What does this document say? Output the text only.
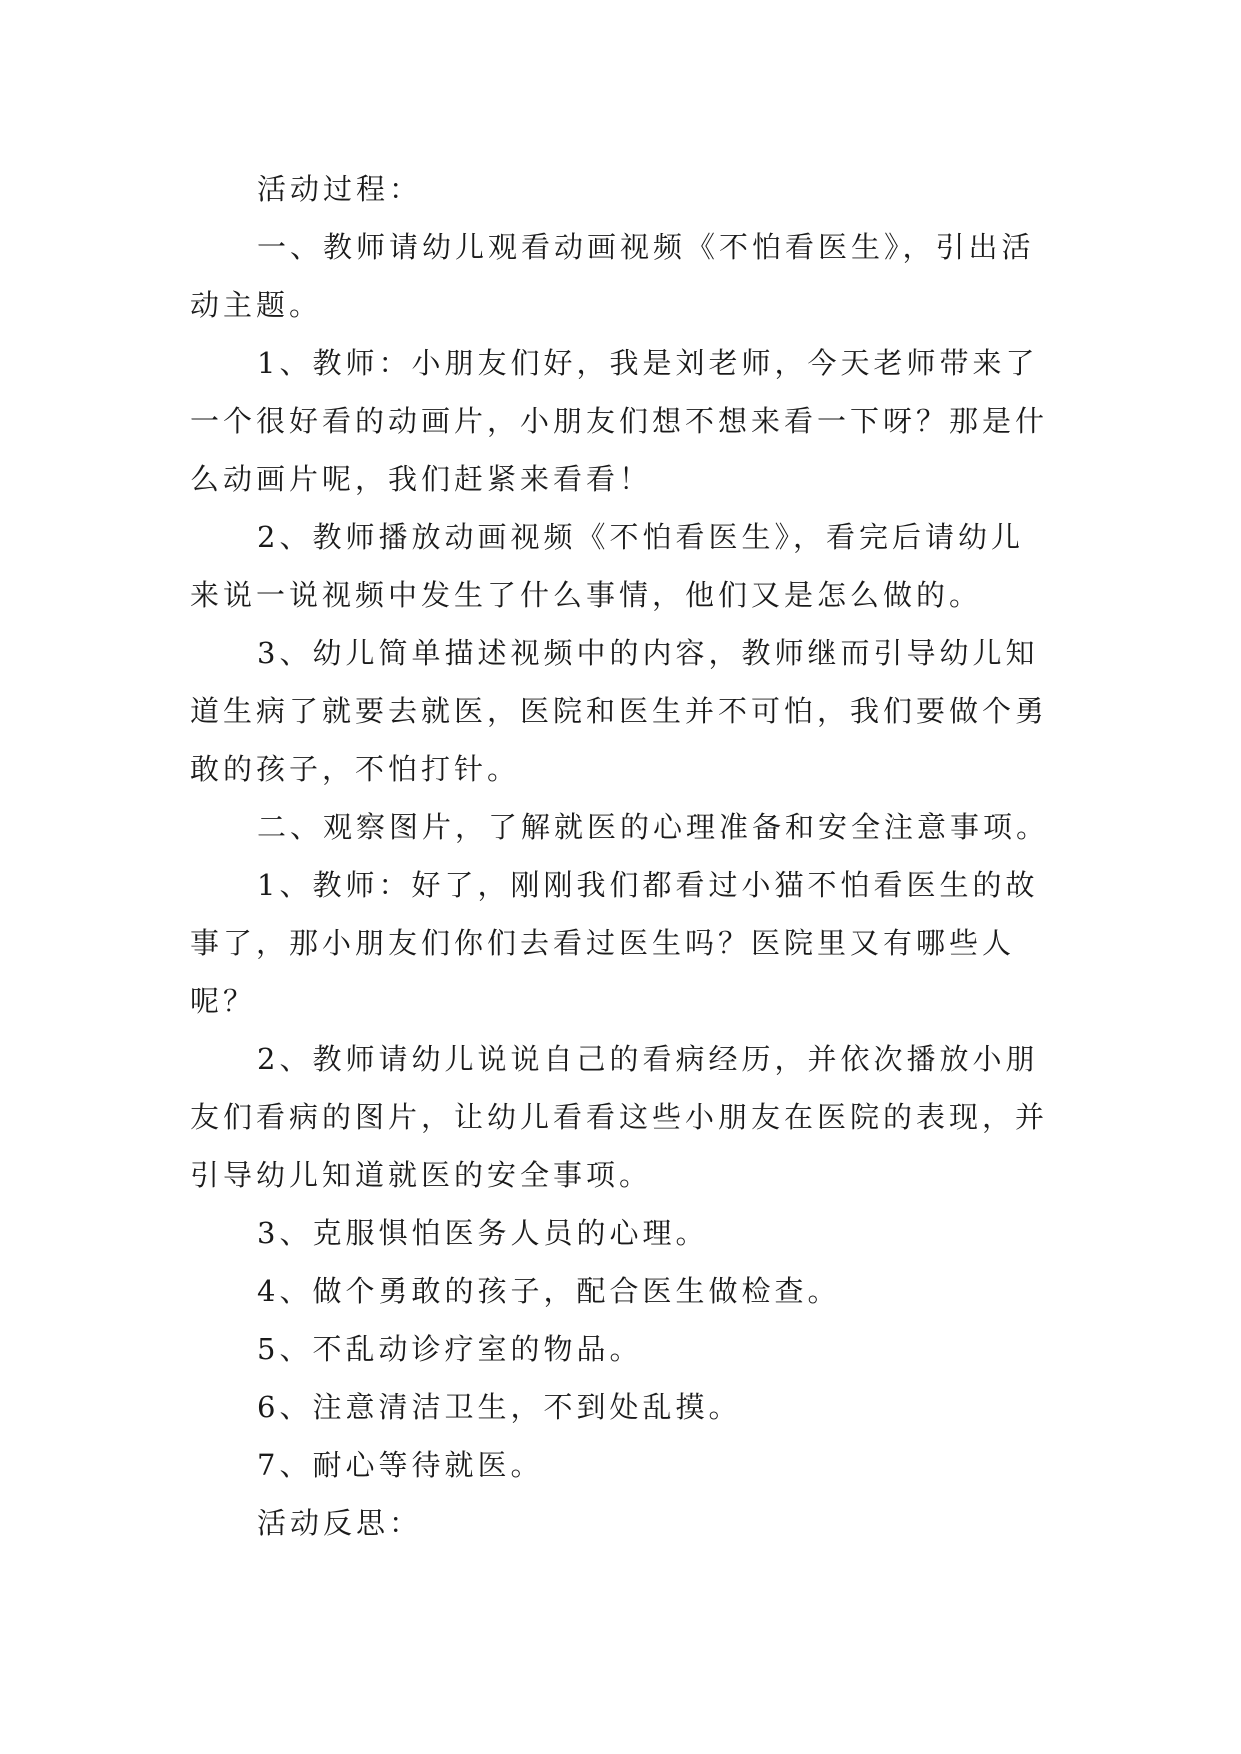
活动过程：

一、教师请幼儿观看动画视频《不怕看医生》，引出活动主题。

1、教师：小朋友们好，我是刘老师，今天老师带来了一个很好看的动画片，小朋友们想不想来看一下呀？那是什么动画片呢，我们赶紧来看看！

2、教师播放动画视频《不怕看医生》，看完后请幼儿来说一说视频中发生了什么事情，他们又是怎么做的。

3、幼儿简单描述视频中的内容，教师继而引导幼儿知道生病了就要去就医，医院和医生并不可怕，我们要做个勇敢的孩子，不怕打针。

二、观察图片，了解就医的心理准备和安全注意事项。

1、教师：好了，刚刚我们都看过小猫不怕看医生的故事了，那小朋友们你们去看过医生吗？医院里又有哪些人呢？

2、教师请幼儿说说自己的看病经历，并依次播放小朋友们看病的图片，让幼儿看看这些小朋友在医院的表现，并引导幼儿知道就医的安全事项。

3、克服惧怕医务人员的心理。

4、做个勇敢的孩子，配合医生做检查。

5、不乱动诊疗室的物品。

6、注意清洁卫生，不到处乱摸。

7、耐心等待就医。

活动反思：
